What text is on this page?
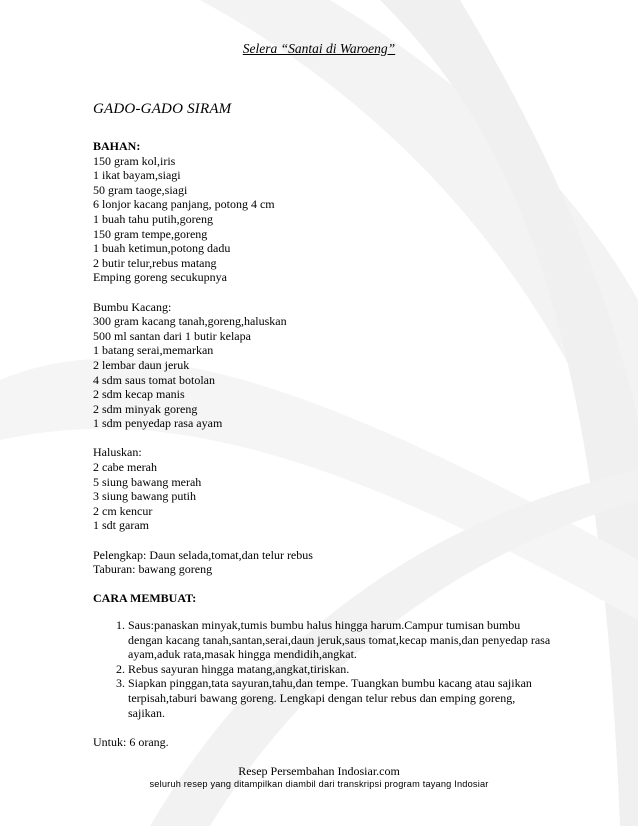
Selera “Santai di Waroeng”
GADO-GADO SIRAM
BAHAN:
150 gram kol,iris
1 ikat bayam,siagi
50 gram taoge,siagi
6 lonjor kacang panjang, potong 4 cm
1 buah tahu putih,goreng
150 gram tempe,goreng
1 buah ketimun,potong dadu
2 butir telur,rebus matang
Emping goreng secukupnya
Bumbu Kacang:
300 gram kacang tanah,goreng,haluskan
500 ml santan dari 1 butir kelapa
1 batang serai,memarkan
2 lembar daun jeruk
4 sdm saus tomat botolan
2 sdm kecap manis
2 sdm minyak goreng
1 sdm penyedap rasa ayam
Haluskan:
2 cabe merah
5 siung bawang merah
3 siung bawang putih
2 cm kencur
1 sdt garam
Pelengkap: Daun selada,tomat,dan telur rebus
Taburan: bawang goreng
CARA MEMBUAT:
1. Saus:panaskan minyak,tumis bumbu halus hingga harum.Campur tumisan bumbu dengan kacang tanah,santan,serai,daun jeruk,saus tomat,kecap manis,dan penyedap rasa ayam,aduk rata,masak hingga mendidih,angkat.
2. Rebus sayuran hingga matang,angkat,tiriskan.
3. Siapkan pinggan,tata sayuran,tahu,dan tempe. Tuangkan bumbu kacang atau sajikan terpisah,taburi bawang goreng. Lengkapi dengan telur rebus dan emping goreng, sajikan.
Untuk: 6 orang.
Resep Persembahan Indosiar.com
seluruh resep yang ditampilkan diambil dari transkripsi program tayang Indosiar
